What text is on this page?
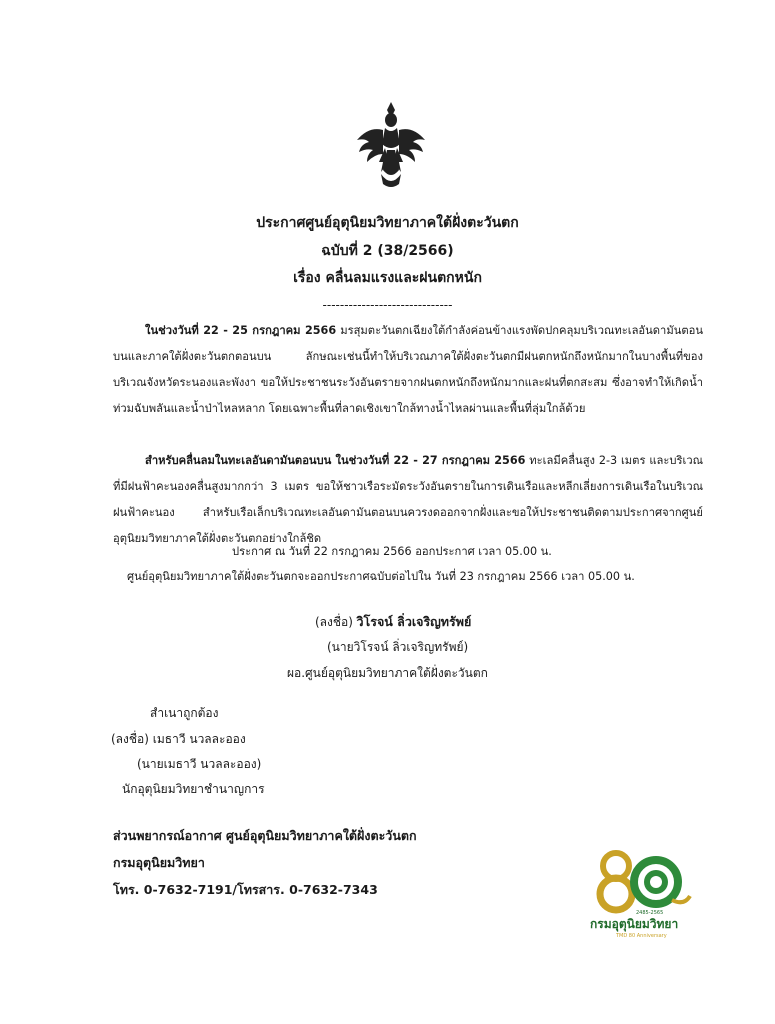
ประกาศศูนย์อุตุนิยมวิทยาภาคใต้ฝั่งตะวันตก
ฉบับที่ 2 (38/2566)
เรื่อง คลื่นลมแรงและฝนตกหนัก
------------------------------
ในช่วงวันที่ 22 - 25 กรกฎาคม 2566 มรสุมตะวันตกเฉียงใต้กำลังค่อนข้างแรงพัดปกคลุมบริเวณทะเลอันดามันตอนบนและภาคใต้ฝั่งตะวันตกตอนบน ลักษณะเช่นนี้ทำให้บริเวณภาคใต้ฝั่งตะวันตกมีฝนตกหนักถึงหนักมากในบางพื้นที่ของบริเวณจังหวัดระนองและพังงา ขอให้ประชาชนระวังอันตรายจากฝนตกหนักถึงหนักมากและฝนที่ตกสะสม ซึ่งอาจทำให้เกิดน้ำท่วมฉับพลันและน้ำป่าไหลหลาก โดยเฉพาะพื้นที่ลาดเชิงเขาใกล้ทางน้ำไหลผ่านและพื้นที่ลุ่มใกล้ด้วย
สำหรับคลื่นลมในทะเลอันดามันตอนบน ในช่วงวันที่ 22 - 27 กรกฎาคม 2566 ทะเลมีคลื่นสูง 2-3 เมตร และบริเวณที่มีฝนฟ้าคะนองคลื่นสูงมากกว่า 3 เมตร ขอให้ชาวเรือระมัดระวังอันตรายในการเดินเรือและหลีกเลี่ยงการเดินเรือในบริเวณฝนฟ้าคะนอง สำหรับเรือเล็กบริเวณทะเลอันดามันตอนบนควรงดออกจากฝั่งและขอให้ประชาชนติดตามประกาศจากศูนย์อุตุนิยมวิทยาภาคใต้ฝั่งตะวันตกอย่างใกล้ชิด
ประกาศ ณ วันที่ 22 กรกฎาคม 2566 ออกประกาศ เวลา 05.00 น.
ศูนย์อุตุนิยมวิทยาภาคใต้ฝั่งตะวันตกจะออกประกาศฉบับต่อไปใน วันที่ 23 กรกฎาคม 2566 เวลา 05.00 น.
(ลงชื่อ) วิโรจน์ ลิ่วเจริญทรัพย์
(นายวิโรจน์ ลิ่วเจริญทรัพย์)
ผอ.ศูนย์อุตุนิยมวิทยาภาคใต้ฝั่งตะวันตก
สำเนาถูกต้อง
(ลงชื่อ) เมธาวี นวลละออง
(นายเมธาวี นวลละออง)
นักอุตุนิยมวิทยาชำนาญการ
ส่วนพยากรณ์อากาศ ศูนย์อุตุนิยมวิทยาภาคใต้ฝั่งตะวันตก
กรมอุตุนิยมวิทยา
โทร. 0-7632-7191/โทรสาร. 0-7632-7343
2485-2565
กรมอุตุนิยมวิทยา
TMD 80 Anniversary
